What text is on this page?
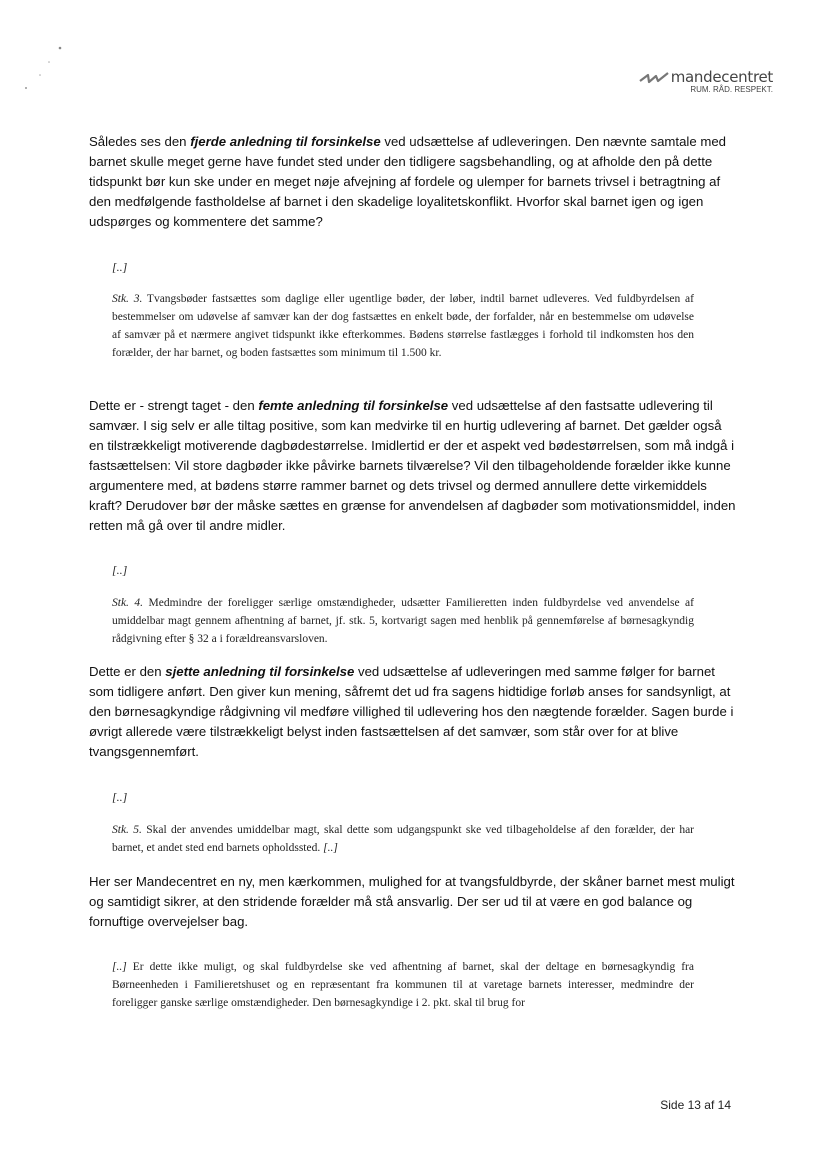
mandecentret
RUM. RÅD. RESPEKT.
Således ses den fjerde anledning til forsinkelse ved udsættelse af udleveringen. Den nævnte samtale med barnet skulle meget gerne have fundet sted under den tidligere sagsbehandling, og at afholde den på dette tidspunkt bør kun ske under en meget nøje afvejning af fordele og ulemper for barnets trivsel i betragtning af den medfølgende fastholdelse af barnet i den skadelige loyalitetskonflikt. Hvorfor skal barnet igen og igen udspørges og kommentere det samme?
[..]
Stk. 3. Tvangsbøder fastsættes som daglige eller ugentlige bøder, der løber, indtil barnet udleveres. Ved fuldbyrdelsen af bestemmelser om udøvelse af samvær kan der dog fastsættes en enkelt bøde, der forfalder, når en bestemmelse om udøvelse af samvær på et nærmere angivet tidspunkt ikke efterkommes. Bødens størrelse fastlægges i forhold til indkomsten hos den forælder, der har barnet, og boden fastsættes som minimum til 1.500 kr.
Dette er - strengt taget - den femte anledning til forsinkelse ved udsættelse af den fastsatte udlevering til samvær. I sig selv er alle tiltag positive, som kan medvirke til en hurtig udlevering af barnet. Det gælder også en tilstrækkeligt motiverende dagbødestørrelse. Imidlertid er der et aspekt ved bødestørrelsen, som må indgå i fastsættelsen: Vil store dagbøder ikke påvirke barnets tilværelse? Vil den tilbageholdende forælder ikke kunne argumentere med, at bødens større rammer barnet og dets trivsel og dermed annullere dette virkemiddels kraft? Derudover bør der måske sættes en grænse for anvendelsen af dagbøder som motivationsmiddel, inden retten må gå over til andre midler.
[..]
Stk. 4. Medmindre der foreligger særlige omstændigheder, udsætter Familieretten inden fuldbyrdelse ved anvendelse af umiddelbar magt gennem afhentning af barnet, jf. stk. 5, kortvarigt sagen med henblik på gennemførelse af børnesagkyndig rådgivning efter § 32 a i forældreansvarsloven.
Dette er den sjette anledning til forsinkelse ved udsættelse af udleveringen med samme følger for barnet som tidligere anført. Den giver kun mening, såfremt det ud fra sagens hidtidige forløb anses for sandsynligt, at den børnesagkyndige rådgivning vil medføre villighed til udlevering hos den nægtende forælder. Sagen burde i øvrigt allerede være tilstrækkeligt belyst inden fastsættelsen af det samvær, som står over for at blive tvangsgennemført.
[..]
Stk. 5. Skal der anvendes umiddelbar magt, skal dette som udgangspunkt ske ved tilbageholdelse af den forælder, der har barnet, et andet sted end barnets opholdssted. [..]
Her ser Mandecentret en ny, men kærkommen, mulighed for at tvangsfuldbyrde, der skåner barnet mest muligt og samtidigt sikrer, at den stridende forælder må stå ansvarlig. Der ser ud til at være en god balance og fornuftige overvejelser bag.
[..] Er dette ikke muligt, og skal fuldbyrdelse ske ved afhentning af barnet, skal der deltage en børnesagkyndig fra Børneenheden i Familieretshuset og en repræsentant fra kommunen til at varetage barnets interesser, medmindre der foreligger ganske særlige omstændigheder. Den børnesagkyndige i 2. pkt. skal til brug for
Side 13 af 14
